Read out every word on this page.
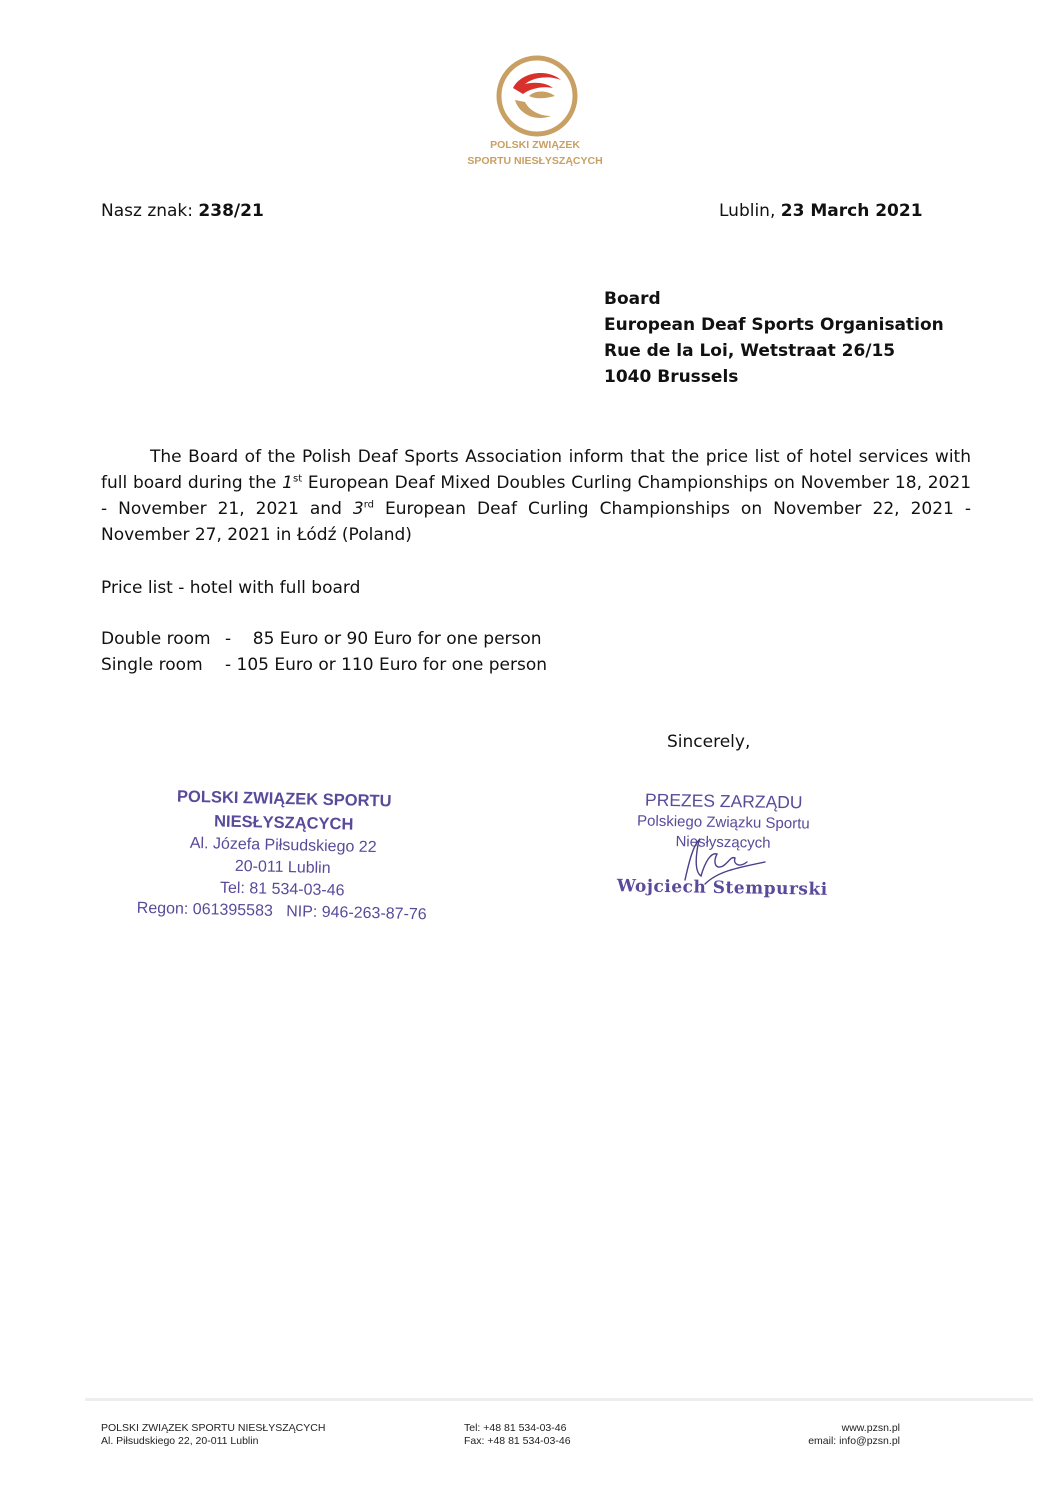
POLSKI ZWIĄZEK
SPORTU NIESŁYSZĄCYCH
Nasz znak: 238/21	Lublin, 23 March 2021
Board
European Deaf Sports Organisation
Rue de la Loi, Wetstraat 26/15
1040 Brussels
The Board of the Polish Deaf Sports Association inform that the price list of hotel services with full board during the 1st European Deaf Mixed Doubles Curling Championships on November 18, 2021 - November 21, 2021 and 3rd European Deaf Curling Championships on November 22, 2021 - November 27, 2021 in Łódź (Poland)
Price list - hotel with full board
Double room -    85 Euro or 90 Euro for one person
Single room - 105 Euro or 110 Euro for one person
Sincerely,
POLSKI ZWIĄZEK SPORTU NIESŁYSZĄCYCH
Al. Józefa Piłsudskiego 22
20-011 Lublin
Tel: 81 534-03-46
Regon: 061395583   NIP: 946-263-87-76
PREZES ZARZĄDU
Polskiego Związku Sportu Niesłyszących
Wojciech Stempurski
POLSKI ZWIĄZEK SPORTU NIESŁYSZĄCYCH
Al. Piłsudskiego 22, 20-011 Lublin
Tel: +48 81 534-03-46
Fax: +48 81 534-03-46
www.pzsn.pl
email: info@pzsn.pl
